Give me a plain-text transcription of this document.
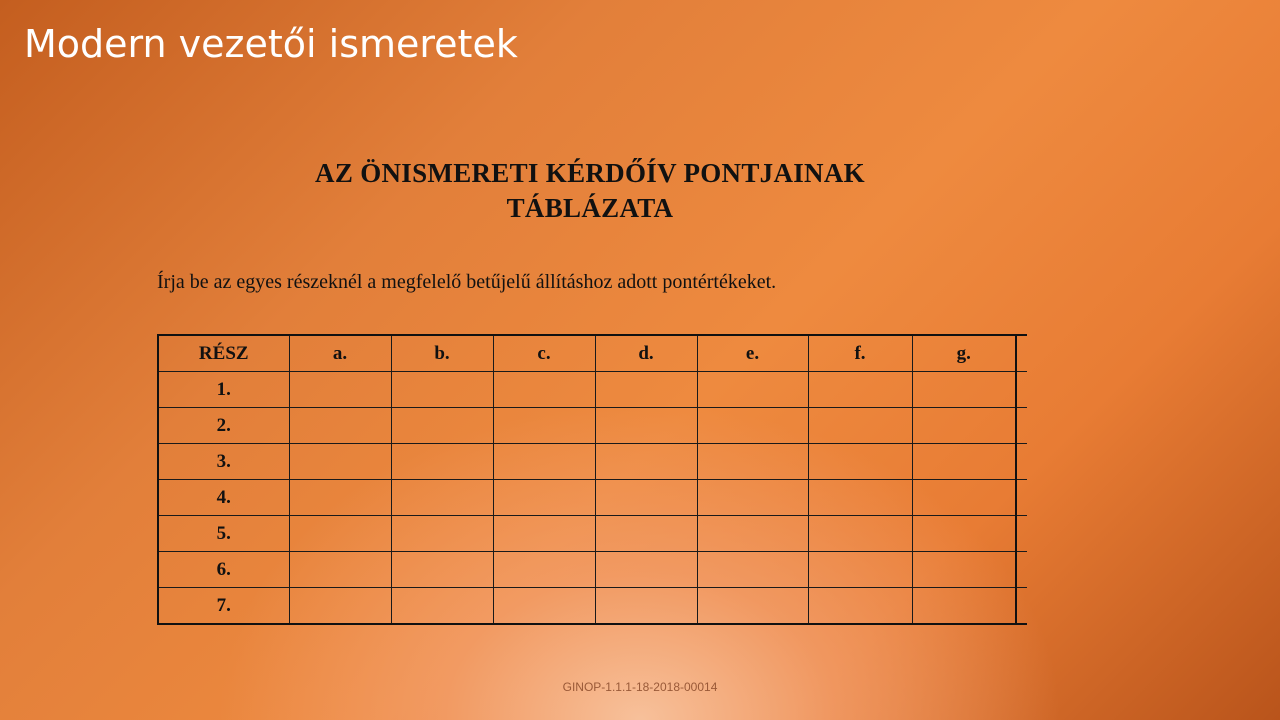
Modern vezetői ismeretek
AZ ÖNISMERETI KÉRDŐÍV PONTJAINAK
TÁBLÁZATA

Írja be az egyes részeknél a megfelelő betűjelű állításhoz adott pontértékeket.

RÉSZ	a.	b.	c.	d.	e.	f.	g.	
1.								
2.								
3.								
4.								
5.								
6.								
7.								
GINOP-1.1.1-18-2018-00014
